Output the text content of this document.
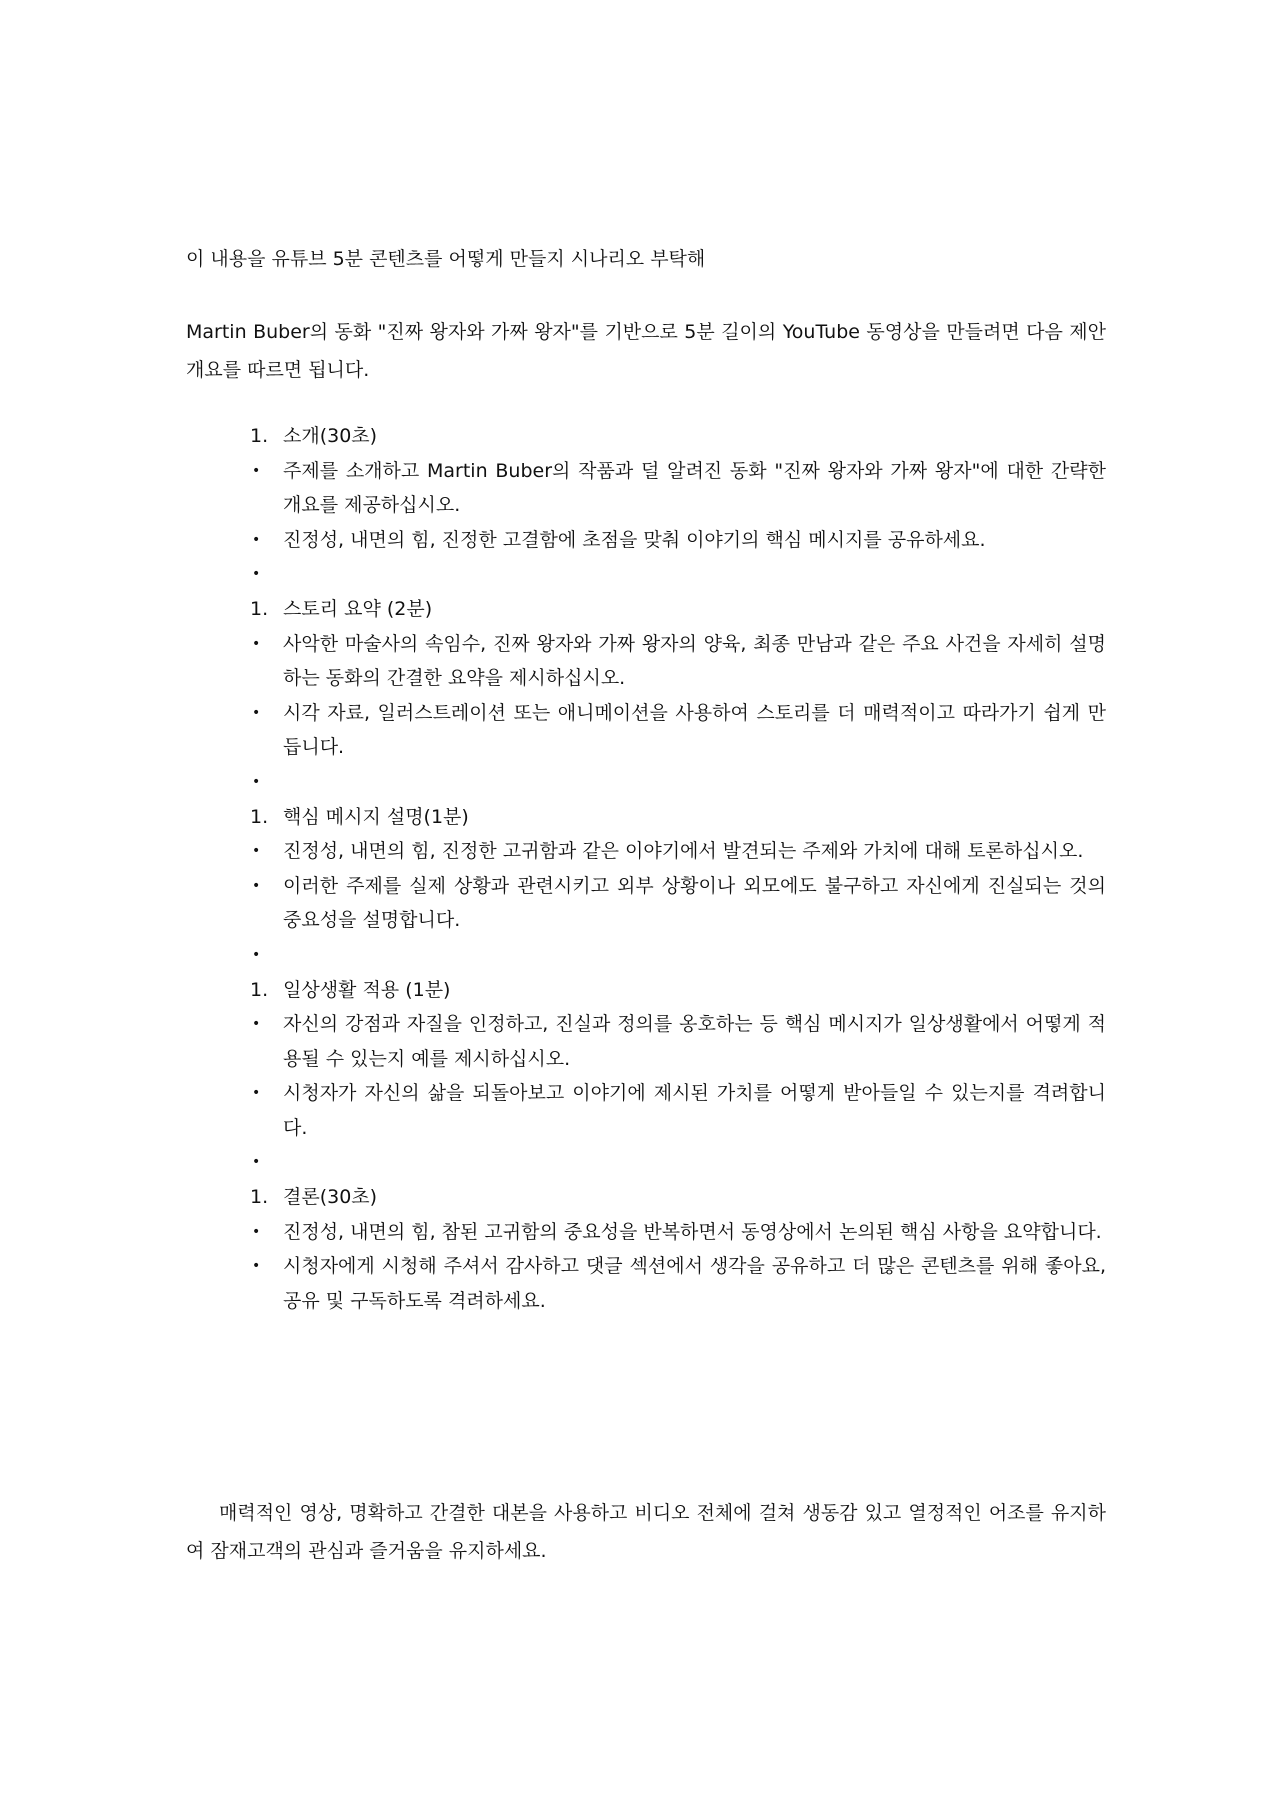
이 내용을 유튜브 5분 콘텐츠를 어떻게 만들지 시나리오 부탁해
Martin Buber의 동화 "진짜 왕자와 가짜 왕자"를 기반으로 5분 길이의 YouTube 동영상을 만들려면 다음 제안 개요를 따르면 됩니다.
1. 소개(30초)
• 주제를 소개하고 Martin Buber의 작품과 덜 알려진 동화 "진짜 왕자와 가짜 왕자"에 대한 간략한 개요를 제공하십시오.
• 진정성, 내면의 힘, 진정한 고결함에 초점을 맞춰 이야기의 핵심 메시지를 공유하세요.
•
1. 스토리 요약 (2분)
• 사악한 마술사의 속임수, 진짜 왕자와 가짜 왕자의 양육, 최종 만남과 같은 주요 사건을 자세히 설명하는 동화의 간결한 요약을 제시하십시오.
• 시각 자료, 일러스트레이션 또는 애니메이션을 사용하여 스토리를 더 매력적이고 따라가기 쉽게 만듭니다.
•
1. 핵심 메시지 설명(1분)
• 진정성, 내면의 힘, 진정한 고귀함과 같은 이야기에서 발견되는 주제와 가치에 대해 토론하십시오.
• 이러한 주제를 실제 상황과 관련시키고 외부 상황이나 외모에도 불구하고 자신에게 진실되는 것의 중요성을 설명합니다.
•
1. 일상생활 적용 (1분)
• 자신의 강점과 자질을 인정하고, 진실과 정의를 옹호하는 등 핵심 메시지가 일상생활에서 어떻게 적용될 수 있는지 예를 제시하십시오.
• 시청자가 자신의 삶을 되돌아보고 이야기에 제시된 가치를 어떻게 받아들일 수 있는지를 격려합니다.
•
1. 결론(30초)
• 진정성, 내면의 힘, 참된 고귀함의 중요성을 반복하면서 동영상에서 논의된 핵심 사항을 요약합니다.
• 시청자에게 시청해 주셔서 감사하고 댓글 섹션에서 생각을 공유하고 더 많은 콘텐츠를 위해 좋아요, 공유 및 구독하도록 격려하세요.
매력적인 영상, 명확하고 간결한 대본을 사용하고 비디오 전체에 걸쳐 생동감 있고 열정적인 어조를 유지하여 잠재고객의 관심과 즐거움을 유지하세요.
